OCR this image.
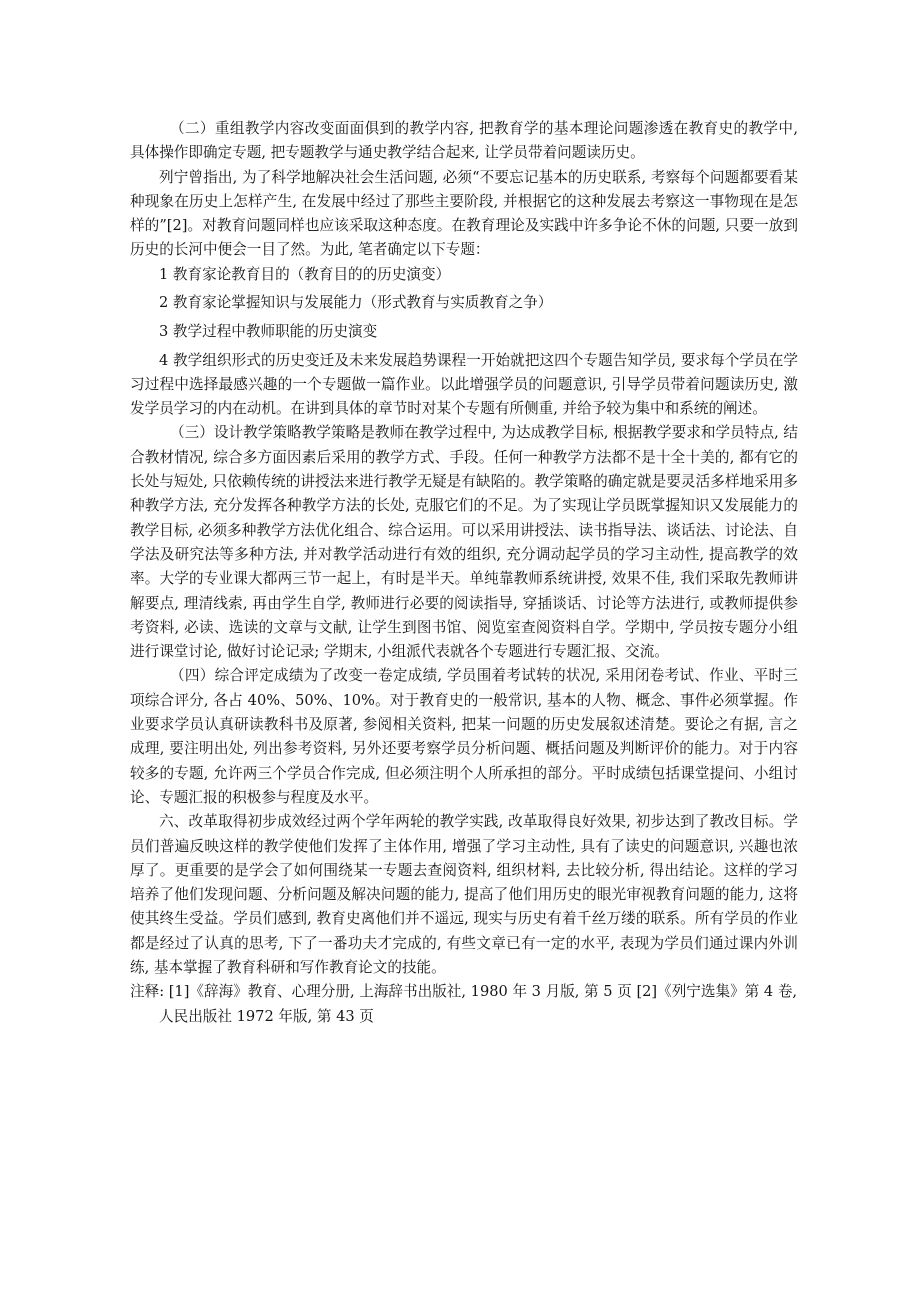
（二）重组教学内容改变面面俱到的教学内容, 把教育学的基本理论问题渗透在教育史的教学中, 具体操作即确定专题, 把专题教学与通史教学结合起来, 让学员带着问题读历史。

列宁曾指出, 为了科学地解决社会生活问题, 必须“不要忘记基本的历史联系, 考察每个问题都要看某种现象在历史上怎样产生, 在发展中经过了那些主要阶段, 并根据它的这种发展去考察这一事物现在是怎样的”[2]。对教育问题同样也应该采取这种态度。在教育理论及实践中许多争论不休的问题, 只要一放到历史的长河中便会一目了然。为此, 笔者确定以下专题：

1 教育家论教育目的（教育目的的历史演变）

2 教育家论掌握知识与发展能力（形式教育与实质教育之争）

3 教学过程中教师职能的历史演变

4 教学组织形式的历史变迁及未来发展趋势课程一开始就把这四个专题告知学员, 要求每个学员在学习过程中选择最感兴趣的一个专题做一篇作业。以此增强学员的问题意识, 引导学员带着问题读历史, 激发学员学习的内在动机。在讲到具体的章节时对某个专题有所侧重, 并给予较为集中和系统的阐述。

（三）设计教学策略教学策略是教师在教学过程中, 为达成教学目标, 根据教学要求和学员特点, 结合教材情况, 综合多方面因素后采用的教学方式、手段。任何一种教学方法都不是十全十美的, 都有它的长处与短处, 只依赖传统的讲授法来进行教学无疑是有缺陷的。教学策略的确定就是要灵活多样地采用多种教学方法, 充分发挥各种教学方法的长处, 克服它们的不足。为了实现让学员既掌握知识又发展能力的教学目标, 必须多种教学方法优化组合、综合运用。可以采用讲授法、读书指导法、谈话法、讨论法、自学法及研究法等多种方法, 并对教学活动进行有效的组织, 充分调动起学员的学习主动性, 提高教学的效率。大学的专业课大都两三节一起上，有时是半天。单纯靠教师系统讲授, 效果不佳, 我们采取先教师讲解要点, 理清线索, 再由学生自学, 教师进行必要的阅读指导, 穿插谈话、讨论等方法进行, 或教师提供参考资料, 必读、选读的文章与文献, 让学生到图书馆、阅览室查阅资料自学。学期中, 学员按专题分小组进行课堂讨论, 做好讨论记录; 学期末, 小组派代表就各个专题进行专题汇报、交流。

（四）综合评定成绩为了改变一卷定成绩, 学员围着考试转的状况, 采用闭卷考试、作业、平时三项综合评分, 各占 40%、50%、10%。对于教育史的一般常识, 基本的人物、概念、事件必须掌握。作业要求学员认真研读教科书及原著, 参阅相关资料, 把某一问题的历史发展叙述清楚。要论之有据, 言之成理, 要注明出处, 列出参考资料, 另外还要考察学员分析问题、概括问题及判断评价的能力。对于内容较多的专题, 允许两三个学员合作完成, 但必须注明个人所承担的部分。平时成绩包括课堂提问、小组讨论、专题汇报的积极参与程度及水平。

六、改革取得初步成效经过两个学年两轮的教学实践, 改革取得良好效果, 初步达到了教改目标。学员们普遍反映这样的教学使他们发挥了主体作用, 增强了学习主动性, 具有了读史的问题意识, 兴趣也浓厚了。更重要的是学会了如何围绕某一专题去查阅资料, 组织材料, 去比较分析, 得出结论。这样的学习培养了他们发现问题、分析问题及解决问题的能力, 提高了他们用历史的眼光审视教育问题的能力, 这将使其终生受益。学员们感到, 教育史离他们并不遥远, 现实与历史有着千丝万缕的联系。所有学员的作业都是经过了认真的思考, 下了一番功夫才完成的, 有些文章已有一定的水平, 表现为学员们通过课内外训练, 基本掌握了教育科研和写作教育论文的技能。

注释: [1]《辞海》教育、心理分册, 上海辞书出版社, 1980 年 3 月版, 第 5 页 [2]《列宁选集》第 4 卷,

人民出版社 1972 年版, 第 43 页
